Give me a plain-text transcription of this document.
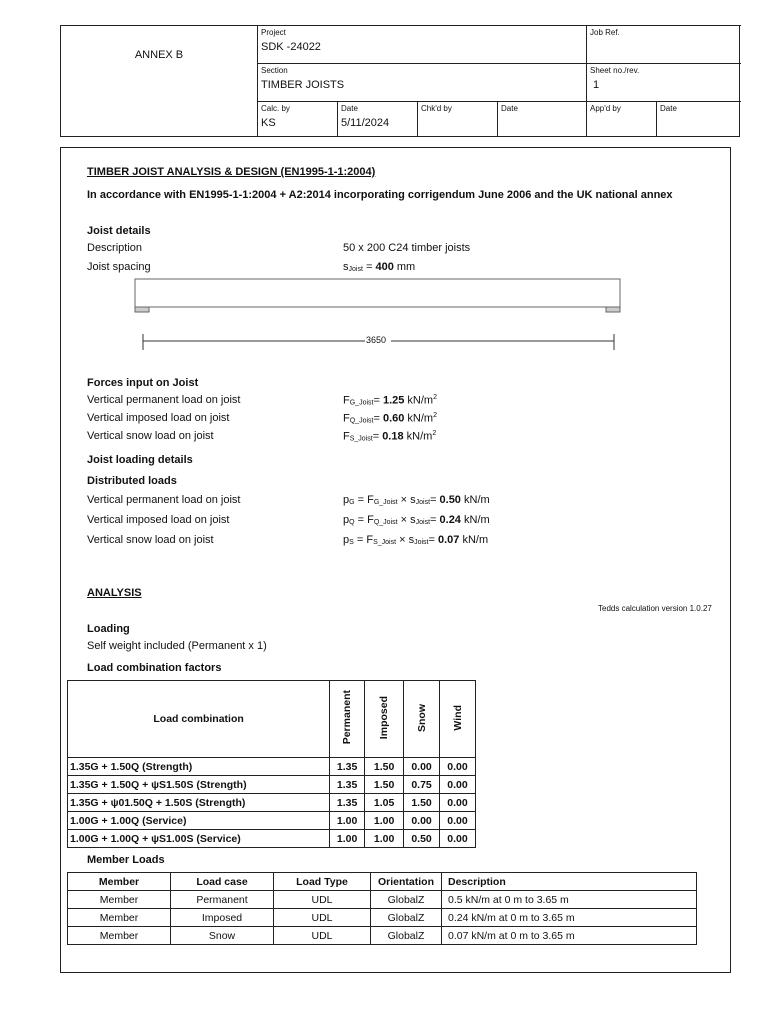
ANNEX B
Project
SDK -24022
Job Ref.
Section
TIMBER JOISTS
Sheet no./rev.
1
Calc. by
KS
Date
5/11/2024
Chk'd by	Date	App'd by	Date
TIMBER JOIST ANALYSIS & DESIGN (EN1995-1-1:2004)
In accordance with EN1995-1-1:2004 + A2:2014 incorporating corrigendum June 2006 and the UK national annex
Joist details
Description	50 x 200 C24 timber joists
Joist spacing	$s_{Joist} = 400$ mm
3650
Forces input on Joist
Vertical permanent load on joist	$F_{G\_Joist}= 1.25$ $kN/m^2$
Vertical imposed load on joist	$F_{Q\_Joist}= 0.60$ $kN/m^2$
Vertical snow load on joist	$F_{S\_Joist}= 0.18$ $kN/m^2$
Joist loading details
Distributed loads
Vertical permanent load on joist	$p_G = F_{G\_Joist} \times s_{Joist}= 0.50$ kN/m
Vertical imposed load on joist	$p_Q = F_{Q\_Joist} \times s_{Joist}= 0.24$ kN/m
Vertical snow load on joist	$p_S = F_{S\_Joist} \times s_{Joist}= 0.07$ kN/m
ANALYSIS
Tedds calculation version 1.0.27
Loading
Self weight included (Permanent x 1)
Load combination factors
Load combination	Permanent	Imposed	Snow	Wind
1.35G + 1.50Q (Strength)	1.35	1.50	0.00	0.00
1.35G + 1.50Q + ψS1.50S (Strength)	1.35	1.50	0.75	0.00
1.35G + ψ01.50Q + 1.50S (Strength)	1.35	1.05	1.50	0.00
1.00G + 1.00Q (Service)	1.00	1.00	0.00	0.00
1.00G + 1.00Q + ψS1.00S (Service)	1.00	1.00	0.50	0.00
Member Loads
Member	Load case	Load Type	Orientation	Description
Member	Permanent	UDL	GlobalZ	0.5 kN/m at 0 m to 3.65 m
Member	Imposed	UDL	GlobalZ	0.24 kN/m at 0 m to 3.65 m
Member	Snow	UDL	GlobalZ	0.07 kN/m at 0 m to 3.65 m
